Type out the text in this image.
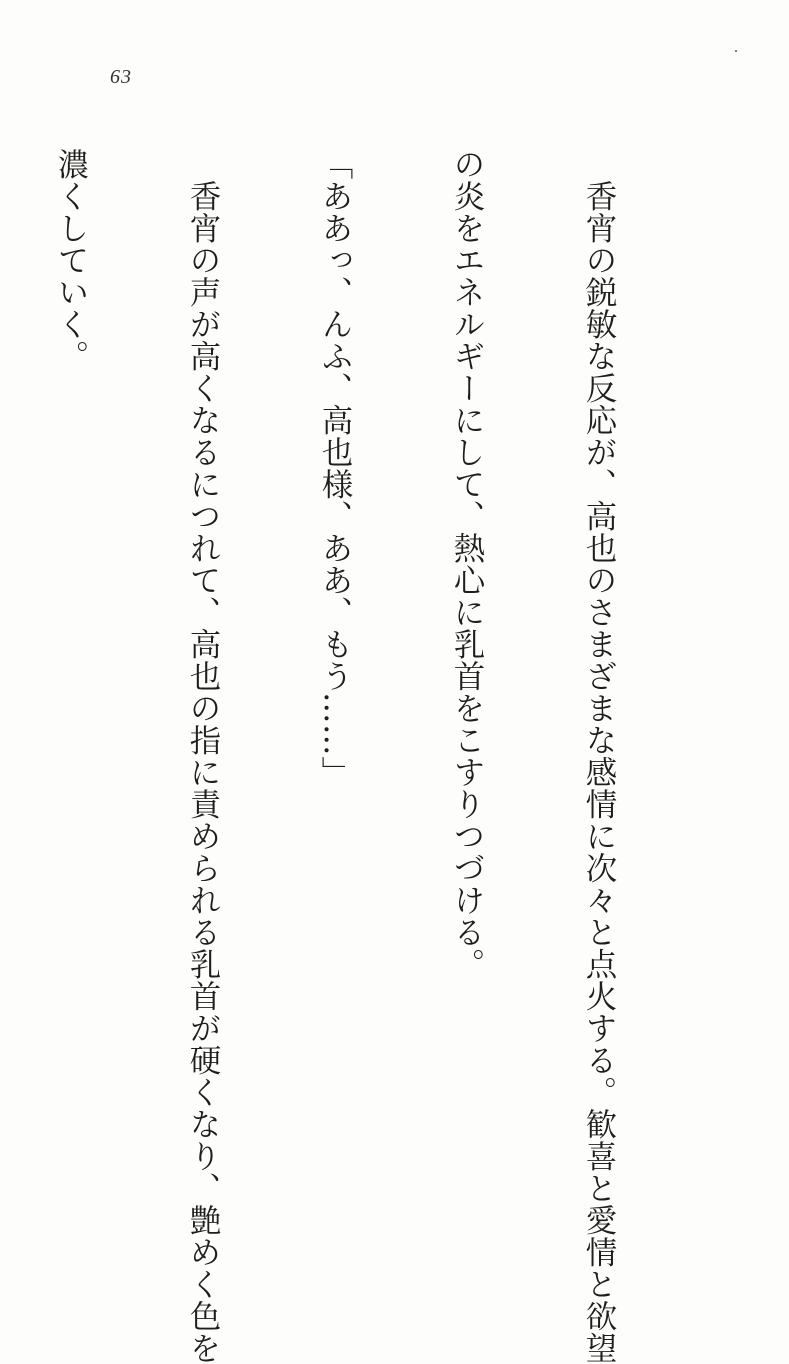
63

　香宵の鋭敏な反応が、高也のさまざまな感情に次々と点火する。歓喜と愛情と欲望

の炎をエネルギーにして、熱心に乳首をこすりつづける。

「ああっ、んふ、高也様、ああ、もう……」

　香宵の声が高くなるにつれて、高也の指に責められる乳首が硬くなり、艶めく色を

濃くしていく。
